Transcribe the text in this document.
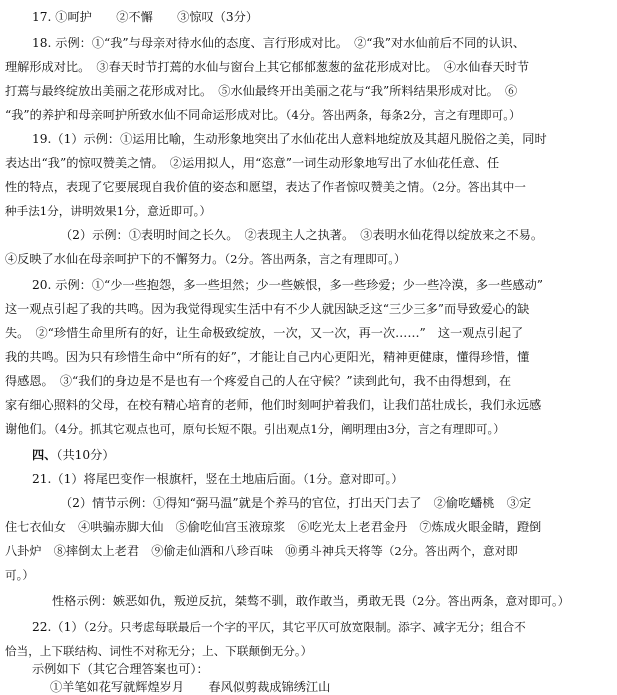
17. ①呵护　　②不懈　　③惊叹（3分）
18. 示例：①“我”与母亲对待水仙的态度、言行形成对比。　②“我”对水仙前后不同的认识、
理解形成对比。　③春天时节打蔫的水仙与窗台上其它郁郁葱葱的盆花形成对比。　④水仙春天时节
打蔫与最终绽放出美丽之花形成对比。　⑤水仙最终开出美丽之花与“我”所料结果形成对比。　⑥
“我”的养护和母亲呵护所致水仙不同命运形成对比。（4分。答出两条，每条2分，言之有理即可。）
19.（1）示例：①运用比喻，生动形象地突出了水仙花出人意料地绽放及其超凡脱俗之美，同时
表达出“我”的惊叹赞美之情。　②运用拟人，用“恣意”一词生动形象地写出了水仙花任意、任
性的特点，表现了它要展现自我价值的姿态和愿望，表达了作者惊叹赞美之情。（2分。答出其中一
种手法1分，讲明效果1分，意近即可。）
（2）示例：①表明时间之长久。　②表现主人之执著。　③表明水仙花得以绽放来之不易。
④反映了水仙在母亲呵护下的不懈努力。（2分。答出两条，言之有理即可。）
20. 示例：①“少一些抱怨，多一些坦然；少一些嫉恨，多一些珍爱；少一些冷漠，多一些感动”
这一观点引起了我的共鸣。因为我觉得现实生活中有不少人就因缺乏这“三少三多”而导致爱心的缺
失。　②“珍惜生命里所有的好，让生命极致绽放，一次，又一次，再一次……”　这一观点引起了
我的共鸣。因为只有珍惜生命中“所有的好”，才能让自己内心更阳光，精神更健康，懂得珍惜，懂
得感恩。　③“我们的身边是不是也有一个疼爱自己的人在守候？”读到此句，我不由得想到，在
家有细心照料的父母，在校有精心培育的老师，他们时刻呵护着我们，让我们茁壮成长，我们永远感
谢他们。（4分。抓其它观点也可，原句长短不限。引出观点1分，阐明理由3分，言之有理即可。）
四、（共10分）
21.（1）将尾巴变作一根旗杆，竖在土地庙后面。（1分。意对即可。）
（2）情节示例：①得知“弼马温”就是个养马的官位，打出天门去了　②偷吃蟠桃　③定
住七衣仙女　④哄骗赤脚大仙　⑤偷吃仙宫玉液琼浆　⑥吃光太上老君金丹　⑦炼成火眼金睛，蹬倒
八卦炉　⑧摔倒太上老君　⑨偷走仙酒和八珍百味　⑩勇斗神兵天将等（2分。答出两个，意对即
可。）
性格示例：嫉恶如仇，叛逆反抗，桀骜不驯，敢作敢当，勇敢无畏（2分。答出两条，意对即可。）
22.（1）（2分。只考虑每联最后一个字的平仄，其它平仄可放宽限制。添字、减字无分；组合不
恰当，上下联结构、词性不对称无分；上、下联颠倒无分。）
示例如下（其它合理答案也可）：
①羊笔如花写就辉煌岁月　　春风似剪裁成锦绣江山
